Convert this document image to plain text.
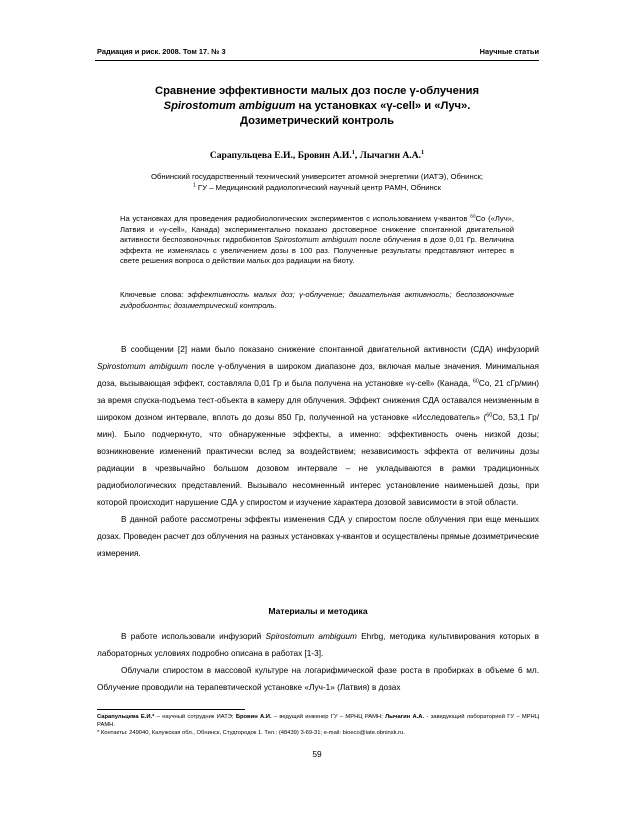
Радиация и риск. 2008. Том 17. № 3	Научные статьи
Сравнение эффективности малых доз после γ-облучения
Spirostomum ambiguum на установках «γ-cell» и «Луч».
Дозиметрический контроль
Сарапульцева Е.И., Бровин А.И.$^1$, Лычагин А.А.$^1$
Обнинский государственный технический университет атомной энергетики (ИАТЭ), Обнинск;
$^1$ ГУ – Медицинский радиологический научный центр РАМН, Обнинск
На установках для проведения радиобиологических экспериментов с использованием γ-квантов $^{60}$Co («Луч», Латвия и «γ-cell», Канада) экспериментально показано достоверное снижение спонтанной двигательной активности беспозвоночных гидробионтов Spirostomum ambiguum после облучения в дозе 0,01 Гр. Величина эффекта не изменялась с увеличением дозы в 100 раз. Полученные результаты представляют интерес в свете решения вопроса о действии малых доз радиации на биоту.
Ключевые слова: эффективность малых доз; γ-облучение; двигательная активность; беспозвоночные гидробионты; дозиметрический контроль.

В сообщении [2] нами было показано снижение спонтанной двигательной активности (СДА) инфузорий Spirostomum ambiguum после γ-облучения в широком диапазоне доз, включая малые значения. Минимальная доза, вызывающая эффект, составляла 0,01 Гр и была получена на установке «γ-cell» (Канада, $^{60}$Co, 21 сГр/мин) за время спуска-подъема тест-объекта в камеру для облучения. Эффект снижения СДА оставался неизменным в широком дозном интервале, вплоть до дозы 850 Гр, полученной на установке «Исследователь» ($^{60}$Co, 53,1 Гр/мин). Было подчеркнуто, что обнаруженные эффекты, а именно: эффективность очень низкой дозы; возникновение изменений практически вслед за воздействием; независимость эффекта от величины дозы радиации в чрезвычайно большом дозовом интервале – не укладываются в рамки традиционных радиобиологических представлений. Вызывало несомненный интерес установление наименьшей дозы, при которой происходит нарушение СДА у спиростом и изучение характера дозовой зависимости в этой области.

В данной работе рассмотрены эффекты изменения СДА у спиростом после облучения при еще меньших дозах. Проведен расчет доз облучения на разных установках γ-квантов и осуществлены прямые дозиметрические измерения.

Материалы и методика

В работе использовали инфузорий Spirostomum ambiguum Ehrbg, методика культивирования которых в лабораторных условиях подробно описана в работах [1-3].

Облучали спиростом в массовой культуре на логарифмической фазе роста в пробирках в объеме 6 мл. Облучение проводили на терапевтической установке «Луч-1» (Латвия) в дозах

Сарапульцева Е.И.* – научный сотрудник ИАТЭ; Бровин А.И. – ведущий инженер ГУ – МРНЦ РАМН; Лычагин А.А. - заведующий лабораторией ГУ – МРНЦ РАМН.
* Контакты: 249040, Калужская обл., Обнинск, Студгородок 1. Тел.: (48439) 3-69-31; e-mail: bioeco@iate.obninsk.ru.
59
